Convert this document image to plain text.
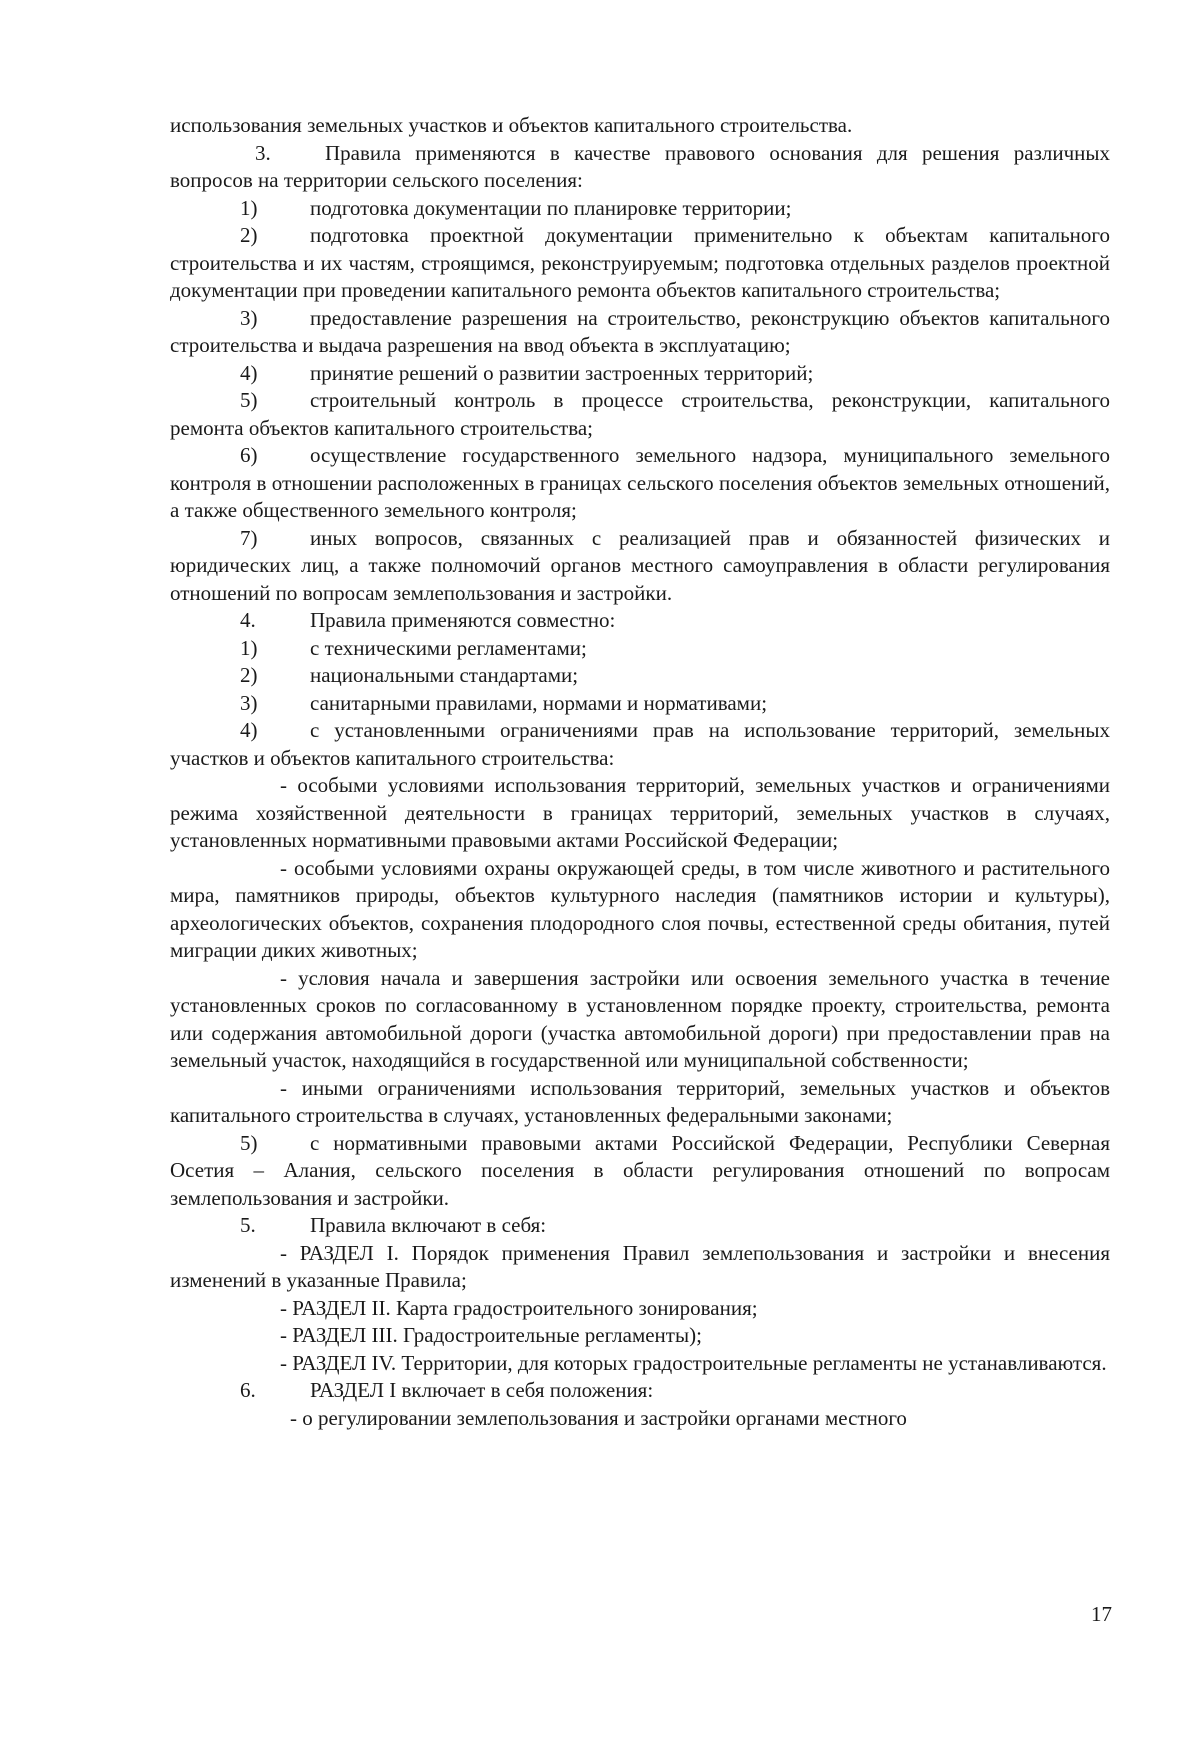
использования земельных участков и объектов капитального строительства.

3.	Правила применяются в качестве правового основания для решения различных вопросов на территории сельского поселения:

1)	подготовка документации по планировке территории;

2)	подготовка проектной документации применительно к объектам капитального строительства и их частям, строящимся, реконструируемым; подготовка отдельных разделов проектной документации при проведении капитального ремонта объектов капитального строительства;

3)	предоставление разрешения на строительство, реконструкцию объектов капитального строительства и выдача разрешения на ввод объекта в эксплуатацию;

4)	принятие решений о развитии застроенных территорий;

5)	строительный контроль в процессе строительства, реконструкции, капитального ремонта объектов капитального строительства;

6)	осуществление государственного земельного надзора, муниципального земельного контроля в отношении расположенных в границах сельского поселения объектов земельных отношений, а также общественного земельного контроля;

7)	иных вопросов, связанных с реализацией прав и обязанностей физических и юридических лиц, а также полномочий органов местного самоуправления в области регулирования отношений по вопросам землепользования и застройки.

4.	Правила применяются совместно:

1)	с техническими регламентами;

2)	национальными стандартами;

3)	санитарными правилами, нормами и нормативами;

4)	с установленными ограничениями прав на использование территорий, земельных участков и объектов капитального строительства:

- особыми условиями использования территорий, земельных участков и ограничениями режима хозяйственной деятельности в границах территорий, земельных участков в случаях, установленных нормативными правовыми актами Российской Федерации;

- особыми условиями охраны окружающей среды, в том числе животного и растительного мира, памятников природы, объектов культурного наследия (памятников истории и культуры), археологических объектов, сохранения плодородного слоя почвы, естественной среды обитания, путей миграции диких животных;

- условия начала и завершения застройки или освоения земельного участка в течение установленных сроков по согласованному в установленном порядке проекту, строительства, ремонта или содержания автомобильной дороги (участка автомобильной дороги) при предоставлении прав на земельный участок, находящийся в государственной или муниципальной собственности;

- иными ограничениями использования территорий, земельных участков и объектов капитального строительства в случаях, установленных федеральными законами;

5)	с нормативными правовыми актами Российской Федерации, Республики Северная Осетия – Алания, сельского поселения в области регулирования отношений по вопросам землепользования и застройки.

5.	Правила включают в себя:

- РАЗДЕЛ I. Порядок применения Правил землепользования и застройки и внесения изменений в указанные Правила;

- РАЗДЕЛ II. Карта градостроительного зонирования;

- РАЗДЕЛ III. Градостроительные регламенты);

- РАЗДЕЛ IV. Территории, для которых градостроительные регламенты не устанавливаются.

6.	РАЗДЕЛ I включает в себя положения:

- о регулировании землепользования и застройки органами местного

17
